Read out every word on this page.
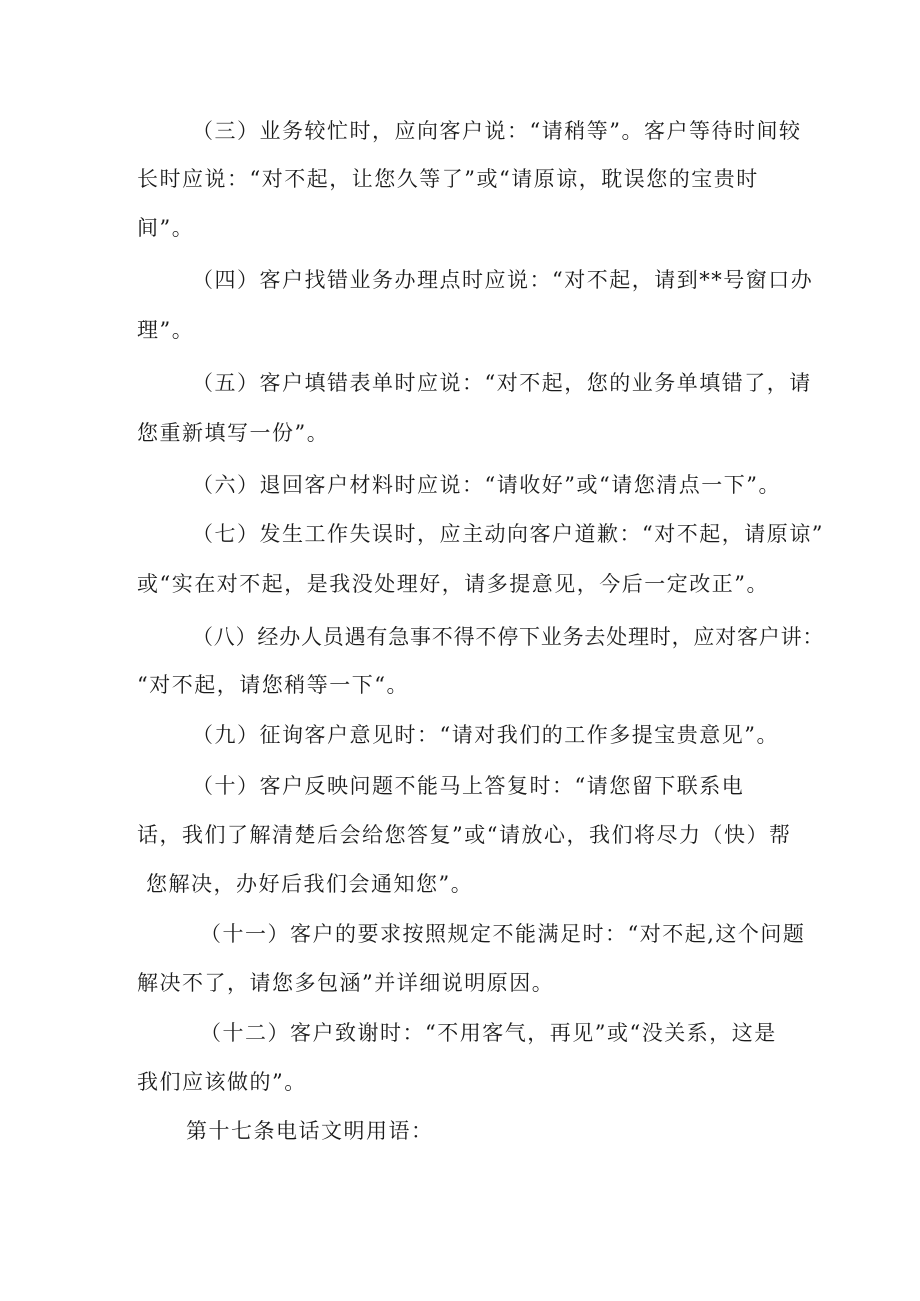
（三）业务较忙时，应向客户说：“请稍等”。客户等待时间较
长时应说：“对不起，让您久等了”或“请原谅，耽误您的宝贵时
间”。
（四）客户找错业务办理点时应说：“对不起，请到**号窗口办
理”。
（五）客户填错表单时应说：“对不起，您的业务单填错了，请
您重新填写一份”。
（六）退回客户材料时应说：“请收好”或“请您清点一下”。
（七）发生工作失误时，应主动向客户道歉：“对不起，请原谅”
或“实在对不起，是我没处理好，请多提意见，今后一定改正”。
（八）经办人员遇有急事不得不停下业务去处理时，应对客户讲：
“对不起，请您稍等一下“。
（九）征询客户意见时：“请对我们的工作多提宝贵意见”。
（十）客户反映问题不能马上答复时：“请您留下联系电
话，我们了解清楚后会给您答复”或“请放心，我们将尽力（快）帮
您解决，办好后我们会通知您”。
（十一）客户的要求按照规定不能满足时：“对不起,这个问题
解决不了，请您多包涵”并详细说明原因。
（十二）客户致谢时：“不用客气，再见”或“没关系，这是
我们应该做的”。
第十七条电话文明用语：
